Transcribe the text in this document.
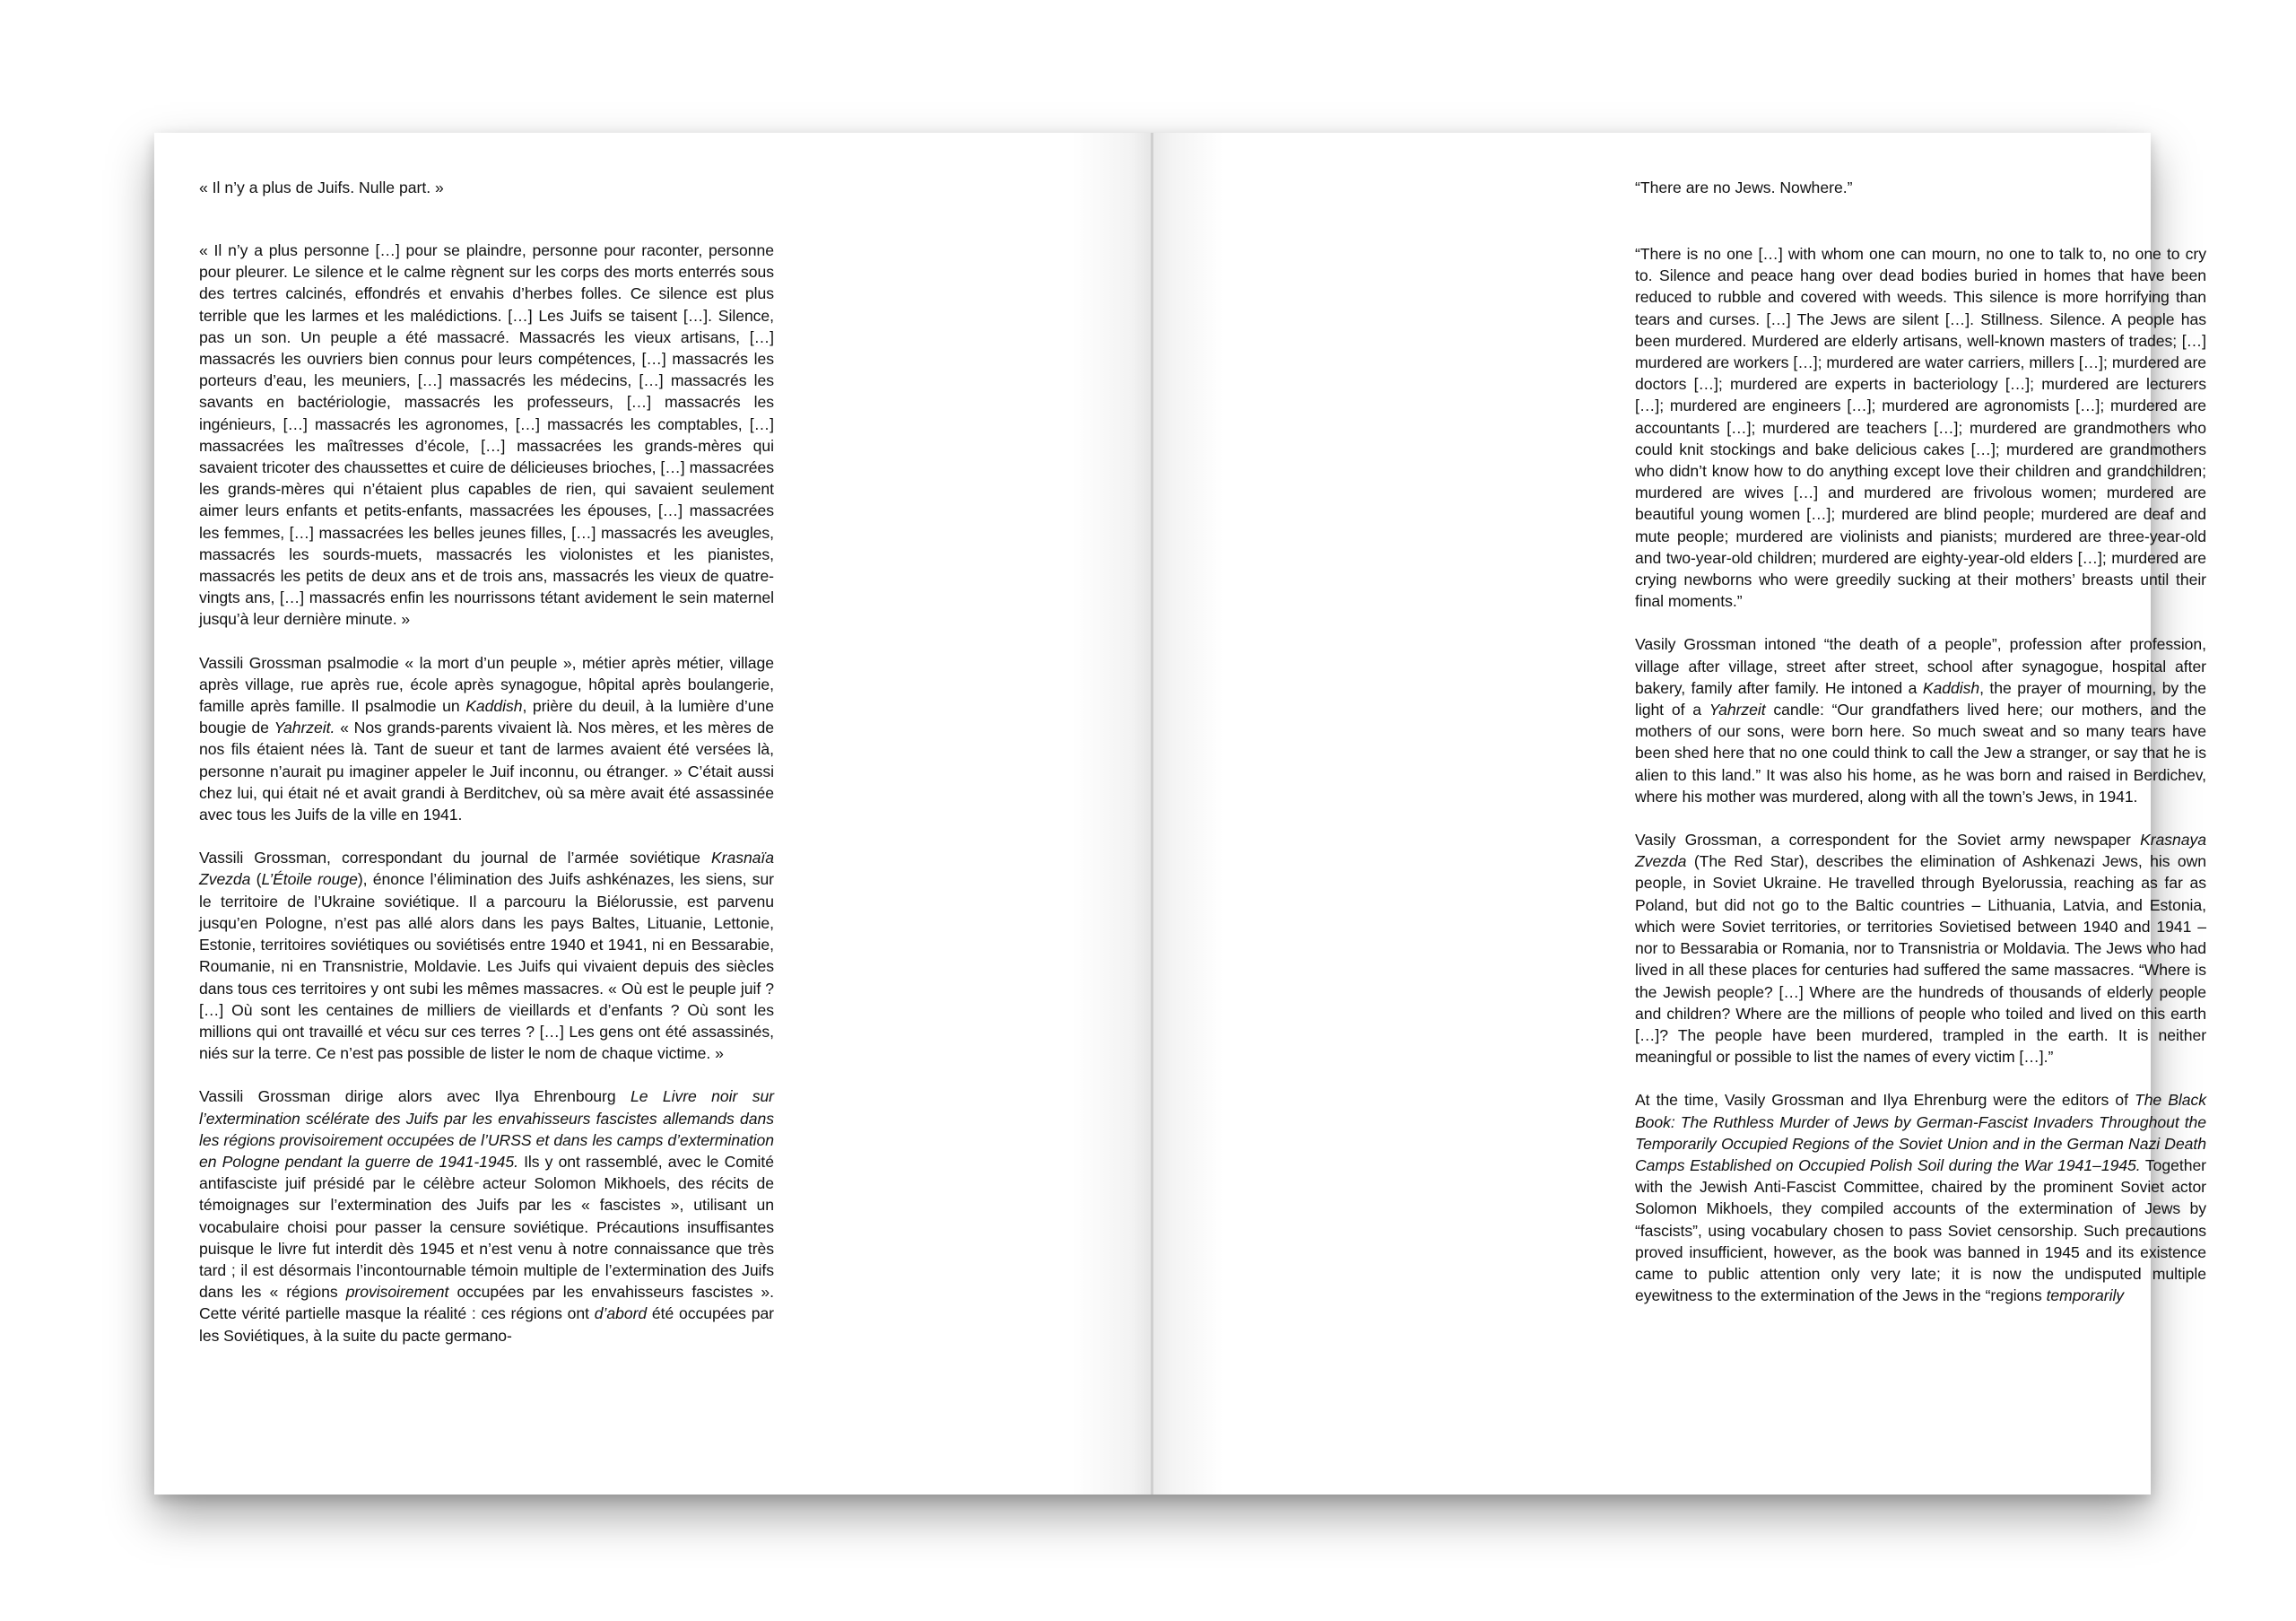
« Il n’y a plus de Juifs. Nulle part. »

« Il n’y a plus personne […] pour se plaindre, personne pour raconter, personne pour pleurer. Le silence et le calme règnent sur les corps des morts enterrés sous des tertres calcinés, effondrés et envahis d’herbes folles. Ce silence est plus terrible que les larmes et les malédictions. […] Les Juifs se taisent […]. Silence, pas un son. Un peuple a été massacré. Massacrés les vieux artisans, […] massacrés les ouvriers bien connus pour leurs compétences, […] massacrés les porteurs d’eau, les meuniers, […] massacrés les médecins, […] massacrés les savants en bactériologie, massacrés les professeurs, […] massacrés les ingénieurs, […] massacrés les agronomes, […] massacrés les comptables, […] massacrées les maîtresses d’école, […] massacrées les grands-mères qui savaient tricoter des chaussettes et cuire de délicieuses brioches, […] massacrées les grands-mères qui n’étaient plus capables de rien, qui savaient seulement aimer leurs enfants et petits-enfants, massacrées les épouses, […] massacrées les femmes, […] massacrées les belles jeunes filles, […] massacrés les aveugles, massacrés les sourds-muets, massacrés les violonistes et les pianistes, massacrés les petits de deux ans et de trois ans, massacrés les vieux de quatre-vingts ans, […] massacrés enfin les nourrissons tétant avidement le sein maternel jusqu’à leur dernière minute. »

Vassili Grossman psalmodie « la mort d’un peuple », métier après métier, village après village, rue après rue, école après synagogue, hôpital après boulangerie, famille après famille. Il psalmodie un Kaddish, prière du deuil, à la lumière d’une bougie de Yahrzeit. « Nos grands-parents vivaient là. Nos mères, et les mères de nos fils étaient nées là. Tant de sueur et tant de larmes avaient été versées là, personne n’aurait pu imaginer appeler le Juif inconnu, ou étranger. » C’était aussi chez lui, qui était né et avait grandi à Berditchev, où sa mère avait été assassinée avec tous les Juifs de la ville en 1941.

Vassili Grossman, correspondant du journal de l’armée soviétique Krasnaïa Zvezda (L’Étoile rouge), énonce l’élimination des Juifs ashkénazes, les siens, sur le territoire de l’Ukraine soviétique. Il a parcouru la Biélorussie, est parvenu jusqu’en Pologne, n’est pas allé alors dans les pays Baltes, Lituanie, Lettonie, Estonie, territoires soviétiques ou soviétisés entre 1940 et 1941, ni en Bessarabie, Roumanie, ni en Transnistrie, Moldavie. Les Juifs qui vivaient depuis des siècles dans tous ces territoires y ont subi les mêmes massacres. « Où est le peuple juif ? […] Où sont les centaines de milliers de vieillards et d’enfants ? Où sont les millions qui ont travaillé et vécu sur ces terres ? […] Les gens ont été assassinés, niés sur la terre. Ce n’est pas possible de lister le nom de chaque victime. »

Vassili Grossman dirige alors avec Ilya Ehrenbourg Le Livre noir sur l’extermination scélérate des Juifs par les envahisseurs fascistes allemands dans les régions provisoirement occupées de l’URSS et dans les camps d’extermination en Pologne pendant la guerre de 1941-1945. Ils y ont rassemblé, avec le Comité antifasciste juif présidé par le célèbre acteur Solomon Mikhoels, des récits de témoignages sur l’extermination des Juifs par les « fascistes », utilisant un vocabulaire choisi pour passer la censure soviétique. Précautions insuffisantes puisque le livre fut interdit dès 1945 et n’est venu à notre connaissance que très tard ; il est désormais l’incontournable témoin multiple de l’extermination des Juifs dans les « régions provisoirement occupées par les envahisseurs fascistes ». Cette vérité partielle masque la réalité : ces régions ont d’abord été occupées par les Soviétiques, à la suite du pacte germano-

“There are no Jews. Nowhere.”

“There is no one […] with whom one can mourn, no one to talk to, no one to cry to. Silence and peace hang over dead bodies buried in homes that have been reduced to rubble and covered with weeds. This silence is more horrifying than tears and curses. […] The Jews are silent […]. Stillness. Silence. A people has been murdered. Murdered are elderly artisans, well-known masters of trades; […] murdered are workers […]; murdered are water carriers, millers […]; murdered are doctors […]; murdered are experts in bacteriology […]; murdered are lecturers […]; murdered are engineers […]; murdered are agronomists […]; murdered are accountants […]; murdered are teachers […]; murdered are grandmothers who could knit stockings and bake delicious cakes […]; murdered are grandmothers who didn’t know how to do anything except love their children and grandchildren; murdered are wives […] and murdered are frivolous women; murdered are beautiful young women […]; murdered are blind people; murdered are deaf and mute people; murdered are violinists and pianists; murdered are three-year-old and two-year-old children; murdered are eighty-year-old elders […]; murdered are crying newborns who were greedily sucking at their mothers’ breasts until their final moments.”

Vasily Grossman intoned “the death of a people”, profession after profession, village after village, street after street, school after synagogue, hospital after bakery, family after family. He intoned a Kaddish, the prayer of mourning, by the light of a Yahrzeit candle: “Our grandfathers lived here; our mothers, and the mothers of our sons, were born here. So much sweat and so many tears have been shed here that no one could think to call the Jew a stranger, or say that he is alien to this land.” It was also his home, as he was born and raised in Berdichev, where his mother was murdered, along with all the town’s Jews, in 1941.

Vasily Grossman, a correspondent for the Soviet army newspaper Krasnaya Zvezda (The Red Star), describes the elimination of Ashkenazi Jews, his own people, in Soviet Ukraine. He travelled through Byelorussia, reaching as far as Poland, but did not go to the Baltic countries – Lithuania, Latvia, and Estonia, which were Soviet territories, or territories Sovietised between 1940 and 1941 – nor to Bessarabia or Romania, nor to Transnistria or Moldavia. The Jews who had lived in all these places for centuries had suffered the same massacres. “Where is the Jewish people? […] Where are the hundreds of thousands of elderly people and children? Where are the millions of people who toiled and lived on this earth […]? The people have been murdered, trampled in the earth. It is neither meaningful or possible to list the names of every victim […].”

At the time, Vasily Grossman and Ilya Ehrenburg were the editors of The Black Book: The Ruthless Murder of Jews by German-Fascist Invaders Throughout the Temporarily Occupied Regions of the Soviet Union and in the German Nazi Death Camps Established on Occupied Polish Soil during the War 1941–1945. Together with the Jewish Anti-Fascist Committee, chaired by the prominent Soviet actor Solomon Mikhoels, they compiled accounts of the extermination of Jews by “fascists”, using vocabulary chosen to pass Soviet censorship. Such precautions proved insufficient, however, as the book was banned in 1945 and its existence came to public attention only very late; it is now the undisputed multiple eyewitness to the extermination of the Jews in the “regions temporarily
